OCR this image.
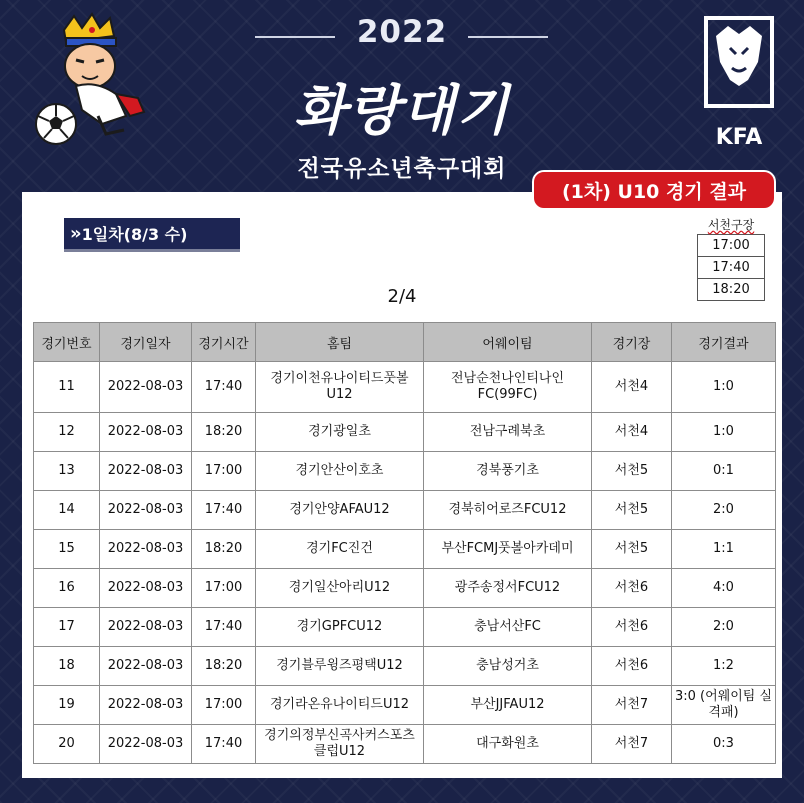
2022
화랑대기
전국유소년축구대회
KFA
(1차) U10 경기 결과
» 1일차(8/3 수)	서천구장
17:00
17:40
18:20
2/4
경기번호	경기일자	경기시간	홈팀	어웨이팀	경기장	경기결과
11	2022-08-03	17:40	경기이천유나이티드풋볼U12	전남순천나인티나인FC(99FC)	서천4	1:0
12	2022-08-03	18:20	경기광일초	전남구례북초	서천4	1:0
13	2022-08-03	17:00	경기안산이호초	경북풍기초	서천5	0:1
14	2022-08-03	17:40	경기안양AFAU12	경북히어로즈FCU12	서천5	2:0
15	2022-08-03	18:20	경기FC진건	부산FCMJ풋볼아카데미	서천5	1:1
16	2022-08-03	17:00	경기일산아리U12	광주송정서FCU12	서천6	4:0
17	2022-08-03	17:40	경기GPFCU12	충남서산FC	서천6	2:0
18	2022-08-03	18:20	경기블루윙즈평택U12	충남성거초	서천6	1:2
19	2022-08-03	17:00	경기라온유나이티드U12	부산JJFAU12	서천7	3:0 (어웨이팀 실격패)
20	2022-08-03	17:40	경기의정부신곡사커스포츠클럽U12	대구화원초	서천7	0:3
